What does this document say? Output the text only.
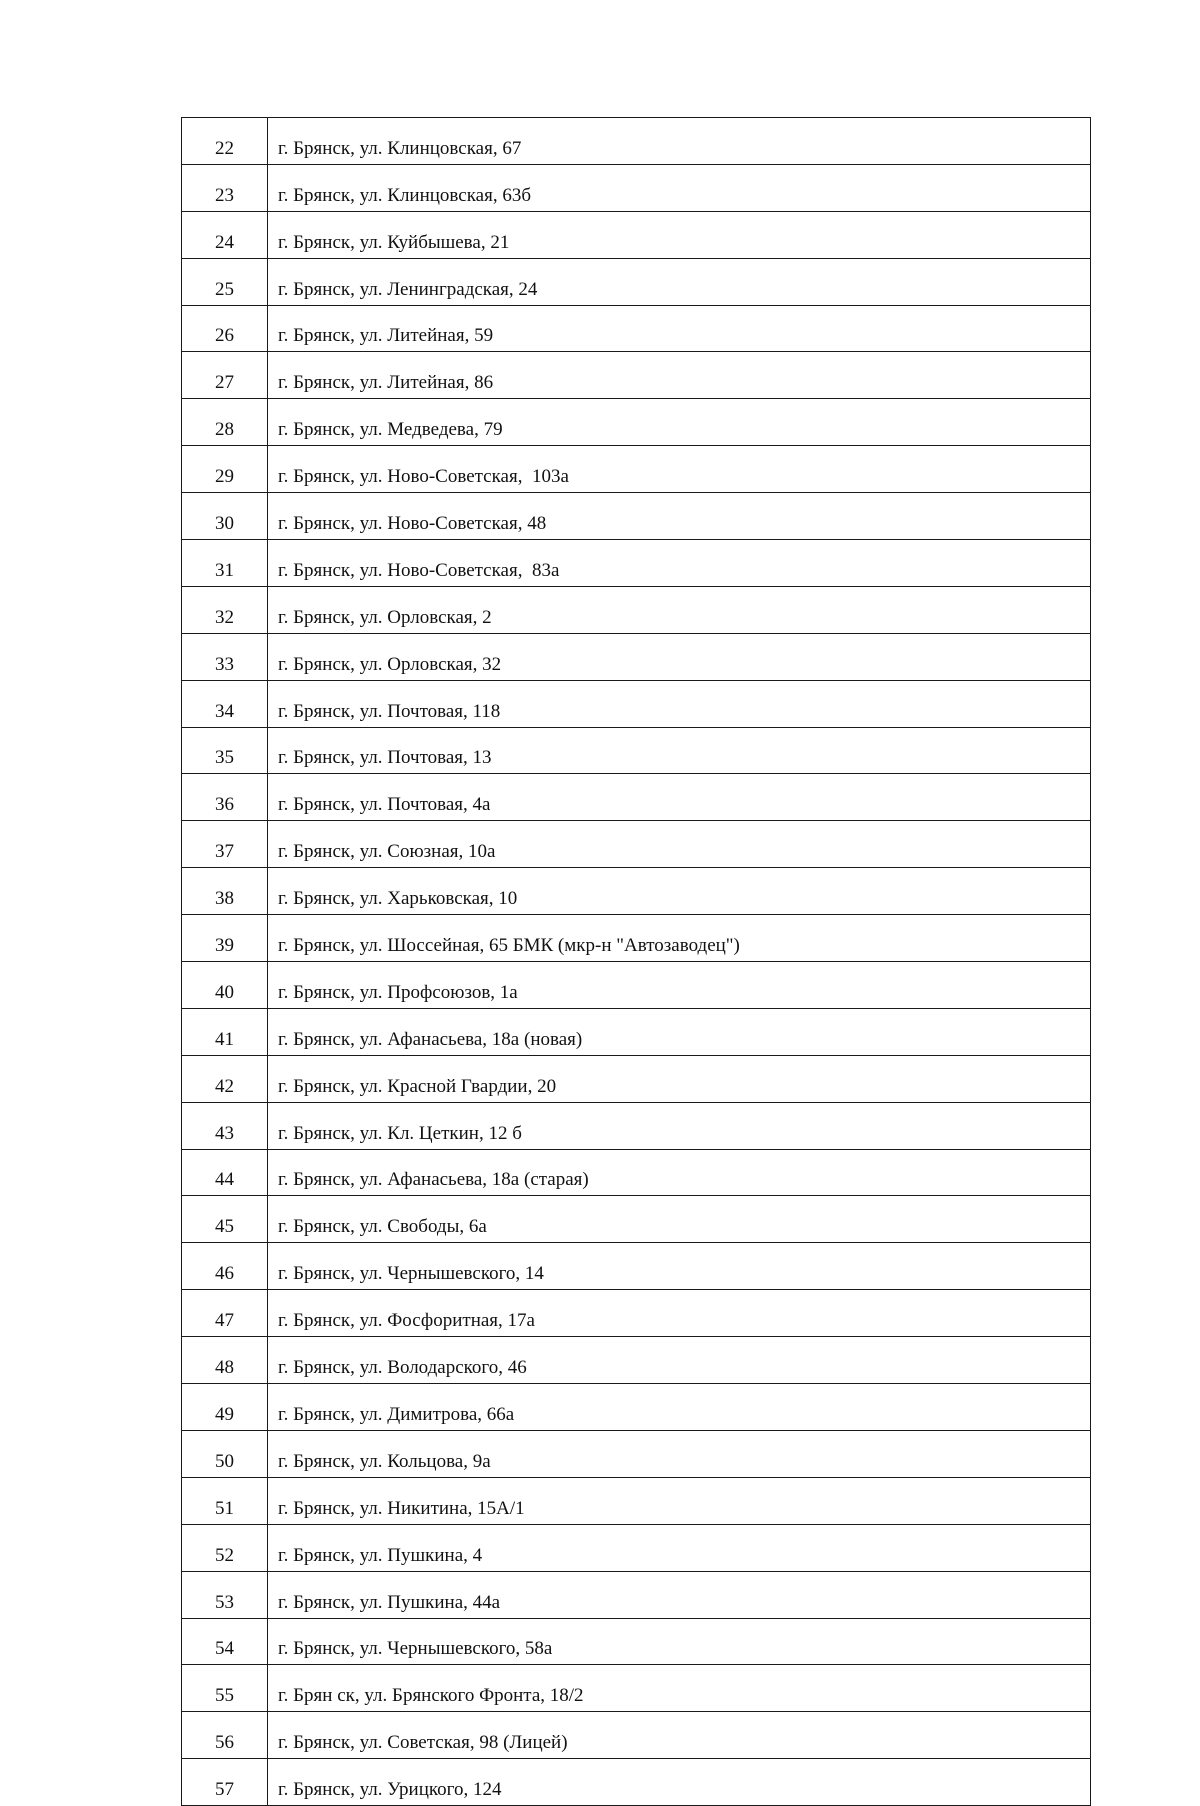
22	г. Брянск, ул. Клинцовская, 67
23	г. Брянск, ул. Клинцовская, 63б
24	г. Брянск, ул. Куйбышева, 21
25	г. Брянск, ул. Ленинградская, 24
26	г. Брянск, ул. Литейная, 59
27	г. Брянск, ул. Литейная, 86
28	г. Брянск, ул. Медведева, 79
29	г. Брянск, ул. Ново-Советская,  103а
30	г. Брянск, ул. Ново-Советская, 48
31	г. Брянск, ул. Ново-Советская,  83а
32	г. Брянск, ул. Орловская, 2
33	г. Брянск, ул. Орловская, 32
34	г. Брянск, ул. Почтовая, 118
35	г. Брянск, ул. Почтовая, 13
36	г. Брянск, ул. Почтовая, 4а
37	г. Брянск, ул. Союзная, 10а
38	г. Брянск, ул. Харьковская, 10
39	г. Брянск, ул. Шоссейная, 65 БМК (мкр-н "Автозаводец")
40	г. Брянск, ул. Профсоюзов, 1а
41	г. Брянск, ул. Афанасьева, 18а (новая)
42	г. Брянск, ул. Красной Гвардии, 20
43	г. Брянск, ул. Кл. Цеткин, 12 б
44	г. Брянск, ул. Афанасьева, 18а (старая)
45	г. Брянск, ул. Свободы, 6а
46	г. Брянск, ул. Чернышевского, 14
47	г. Брянск, ул. Фосфоритная, 17а
48	г. Брянск, ул. Володарского, 46
49	г. Брянск, ул. Димитрова, 66а
50	г. Брянск, ул. Кольцова, 9а
51	г. Брянск, ул. Никитина, 15А/1
52	г. Брянск, ул. Пушкина, 4
53	г. Брянск, ул. Пушкина, 44а
54	г. Брянск, ул. Чернышевского, 58а
55	г. Брян ск, ул. Брянского Фронта, 18/2
56	г. Брянск, ул. Советская, 98 (Лицей)
57	г. Брянск, ул. Урицкого, 124
